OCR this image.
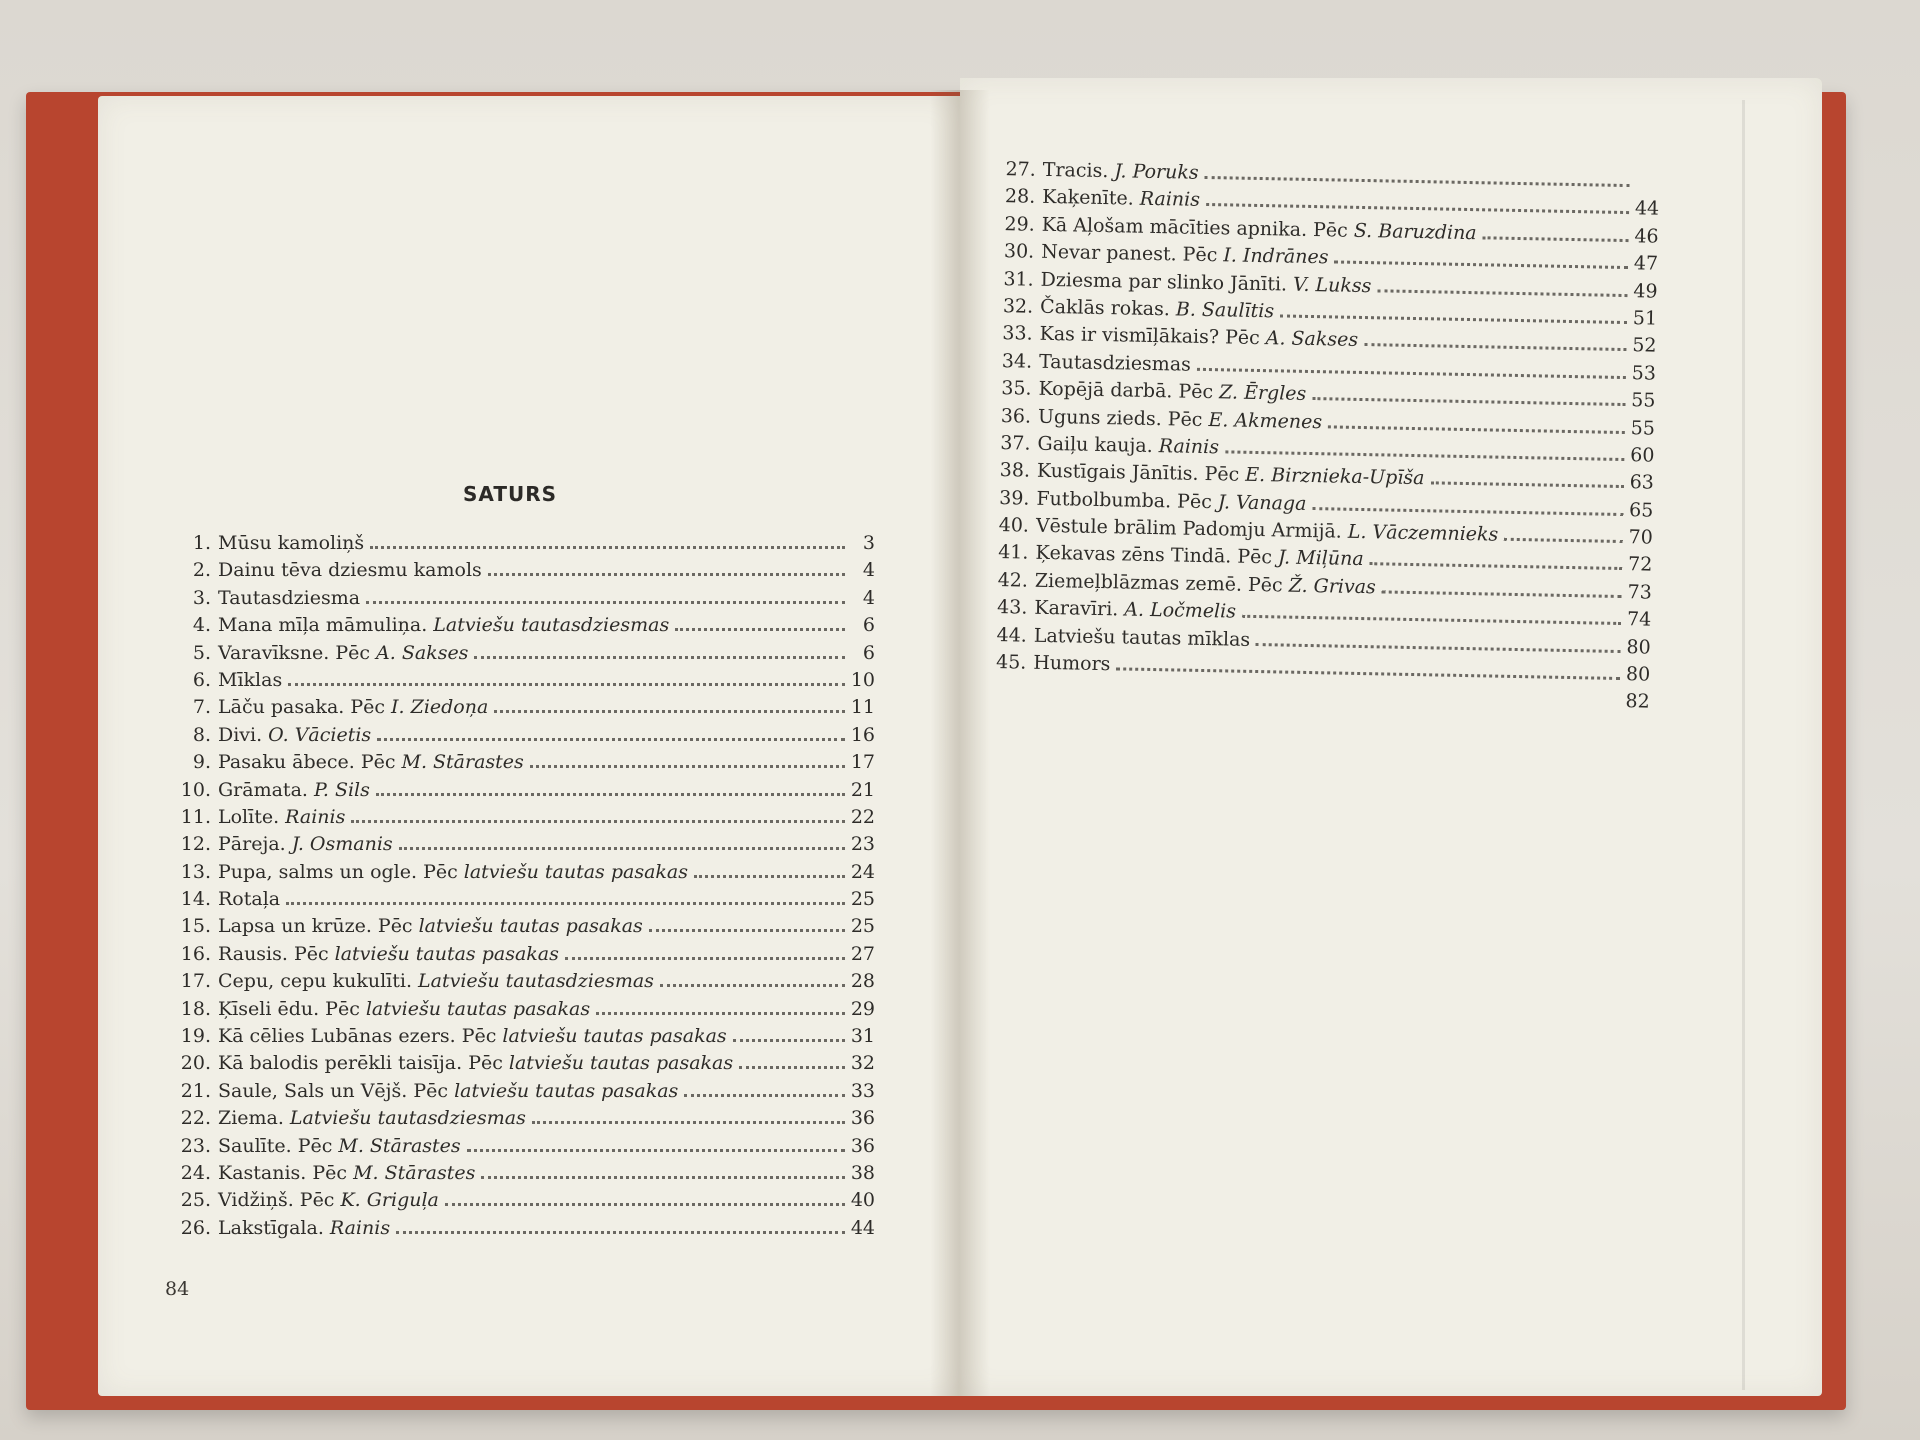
SATURS
1. Mūsu kamoliņš	3
2. Dainu tēva dziesmu kamols	4
3. Tautasdziesma	4
4. Mana mīļa māmuliņa. Latviešu tautasdziesmas	6
5. Varavīksne. Pēc A. Sakses	6
6. Mīklas	10
7. Lāču pasaka. Pēc I. Ziedoņa	11
8. Divi. O. Vācietis	16
9. Pasaku ābece. Pēc M. Stārastes	17
10. Grāmata. P. Sils	21
11. Lolīte. Rainis	22
12. Pāreja. J. Osmanis	23
13. Pupa, salms un ogle. Pēc latviešu tautas pasakas	24
14. Rotaļa	25
15. Lapsa un krūze. Pēc latviešu tautas pasakas	25
16. Rausis. Pēc latviešu tautas pasakas	27
17. Cepu, cepu kukulīti. Latviešu tautasdziesmas	28
18. Ķīseli ēdu. Pēc latviešu tautas pasakas	29
19. Kā cēlies Lubānas ezers. Pēc latviešu tautas pasakas	31
20. Kā balodis perēkli taisīja. Pēc latviešu tautas pasakas	32
21. Saule, Sals un Vējš. Pēc latviešu tautas pasakas	33
22. Ziema. Latviešu tautasdziesmas	36
23. Saulīte. Pēc M. Stārastes	36
24. Kastanis. Pēc M. Stārastes	38
25. Vidžiņš. Pēc K. Griguļa	40
26. Lakstīgala. Rainis	44
27. Tracis. J. Poruks
28. Kaķenīte. Rainis	44
29. Kā Aļošam mācīties apnika. Pēc S. Baruzdina	46
30. Nevar panest. Pēc I. Indrānes	47
31. Dziesma par slinko Jānīti. V. Lukss	49
32. Čaklās rokas. B. Saulītis	51
33. Kas ir vismīļākais? Pēc A. Sakses	52
34. Tautasdziesmas	53
35. Kopējā darbā. Pēc Z. Ērgles	55
36. Uguns zieds. Pēc E. Akmenes	55
37. Gaiļu kauja. Rainis	60
38. Kustīgais Jānītis. Pēc E. Birznieka-Upīša	63
39. Futbolbumba. Pēc J. Vanaga	65
40. Vēstule brālim Padomju Armijā. L. Vāczemnieks	70
41. Ķekavas zēns Tindā. Pēc J. Miļūna	72
42. Ziemeļblāzmas zemē. Pēc Ž. Grivas	73
43. Karavīri. A. Ločmelis	74
44. Latviešu tautas mīklas	80
45. Humors	80
82
84
